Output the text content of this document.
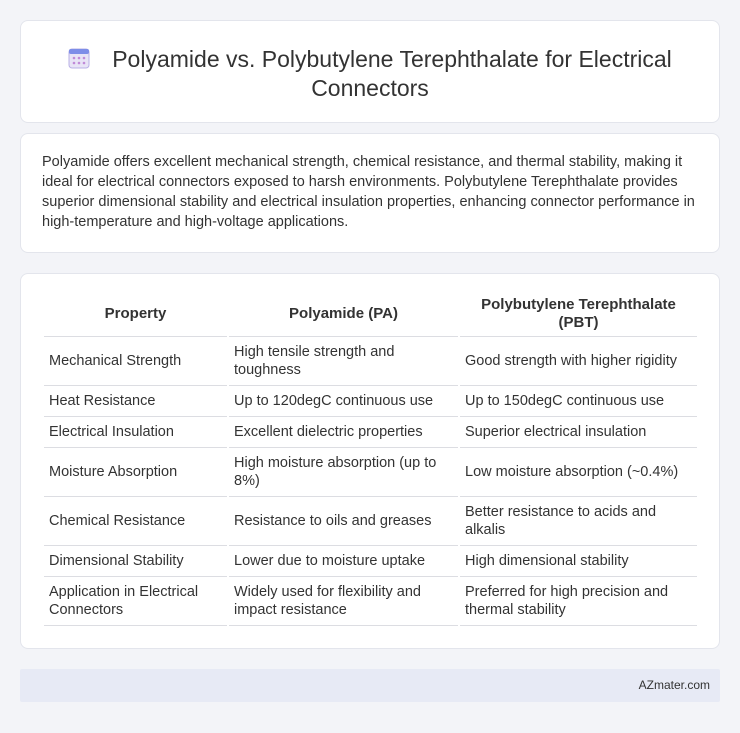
Polyamide vs. Polybutylene Terephthalate for Electrical Connectors

Polyamide offers excellent mechanical strength, chemical resistance, and thermal stability, making it ideal for electrical connectors exposed to harsh environments. Polybutylene Terephthalate provides superior dimensional stability and electrical insulation properties, enhancing connector performance in high-temperature and high-voltage applications.

Property	Polyamide (PA)	Polybutylene Terephthalate (PBT)
Mechanical Strength	High tensile strength and toughness	Good strength with higher rigidity
Heat Resistance	Up to 120degC continuous use	Up to 150degC continuous use
Electrical Insulation	Excellent dielectric properties	Superior electrical insulation
Moisture Absorption	High moisture absorption (up to 8%)	Low moisture absorption (~0.4%)
Chemical Resistance	Resistance to oils and greases	Better resistance to acids and alkalis
Dimensional Stability	Lower due to moisture uptake	High dimensional stability
Application in Electrical Connectors	Widely used for flexibility and impact resistance	Preferred for high precision and thermal stability
AZmater.com
